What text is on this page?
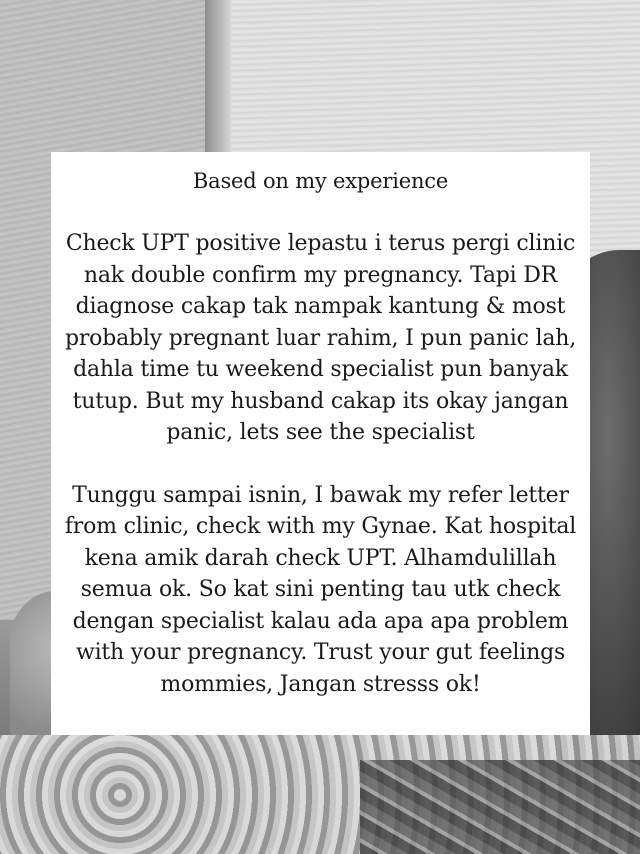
Based on my experience

Check UPT positive lepastu i terus pergi clinic
nak double confirm my pregnancy. Tapi DR
diagnose cakap tak nampak kantung & most
probably pregnant luar rahim, I pun panic lah,
dahla time tu weekend specialist pun banyak
tutup. But my husband cakap its okay jangan
panic, lets see the specialist

Tunggu sampai isnin, I bawak my refer letter
from clinic, check with my Gynae. Kat hospital
kena amik darah check UPT. Alhamdulillah
semua ok. So kat sini penting tau utk check
dengan specialist kalau ada apa apa problem
with your pregnancy. Trust your gut feelings
mommies, Jangan stresss ok!
